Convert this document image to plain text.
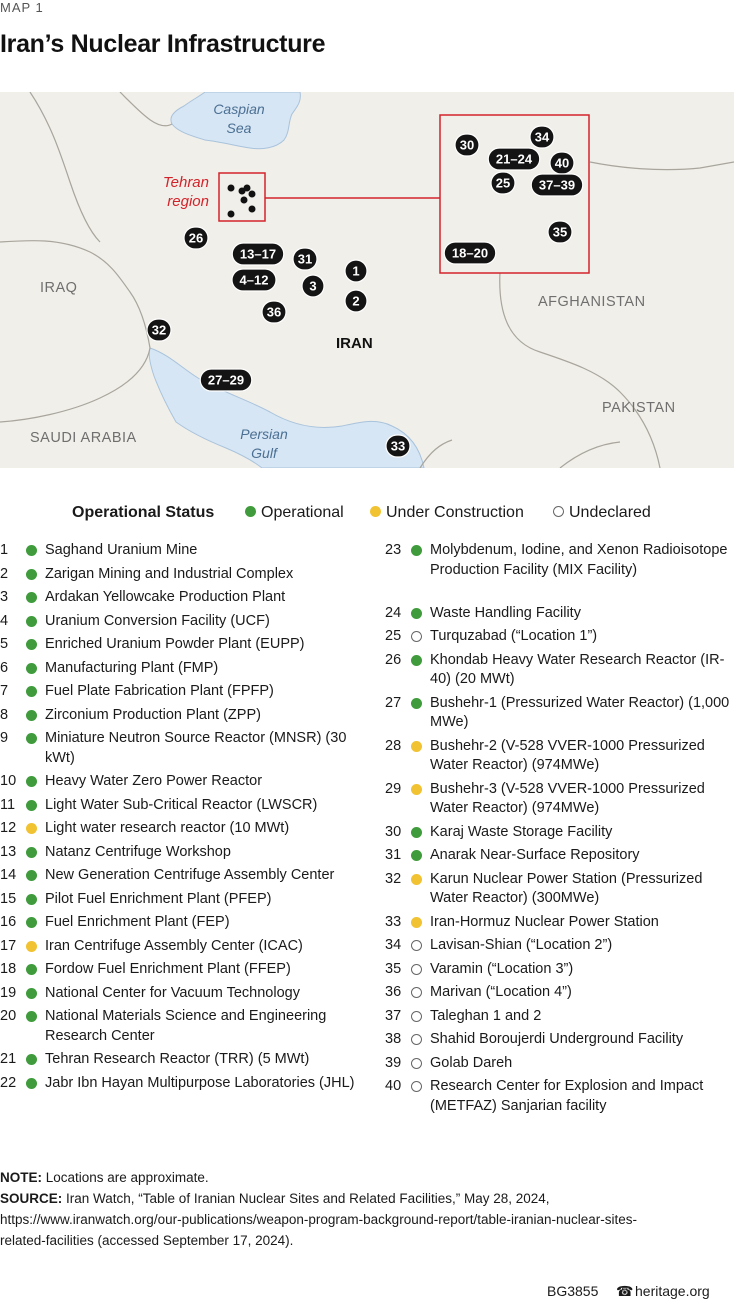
MAP 1
Iran’s Nuclear Infrastructure
IRAQ
AFGHANISTAN
PAKISTAN
SAUDI ARABIA
IRAN
Caspian
Sea
Persian
Gulf
Tehran
region
1
2
3
4–12
13–17
26
27–29
31
32
33
36
30
34
21–24 40
25 37–39
35
18–20
Operational Status	Operational	Under Construction	Undeclared
1	Saghand Uranium Mine
2	Zarigan Mining and Industrial Complex
3	Ardakan Yellowcake Production Plant
4	Uranium Conversion Facility (UCF)
5	Enriched Uranium Powder Plant (EUPP)
6	Manufacturing Plant (FMP)
7	Fuel Plate Fabrication Plant (FPFP)
8	Zirconium Production Plant (ZPP)
9	Miniature Neutron Source Reactor (MNSR) (30 kWt)
10	Heavy Water Zero Power Reactor
11	Light Water Sub-Critical Reactor (LWSCR)
12	Light water research reactor (10 MWt)
13	Natanz Centrifuge Workshop
14	New Generation Centrifuge Assembly Center
15	Pilot Fuel Enrichment Plant (PFEP)
16	Fuel Enrichment Plant (FEP)
17	Iran Centrifuge Assembly Center (ICAC)
18	Fordow Fuel Enrichment Plant (FFEP)
19	National Center for Vacuum Technology
20	National Materials Science and Engineering Research Center
21	Tehran Research Reactor (TRR) (5 MWt)
22	Jabr Ibn Hayan Multipurpose Laboratories (JHL)
23	Molybdenum, Iodine, and Xenon Radioisotope Production Facility (MIX Facility)
24	Waste Handling Facility
25	Turquzabad (“Location 1”)
26	Khondab Heavy Water Research Reactor (IR-40) (20 MWt)
27	Bushehr-1 (Pressurized Water Reactor) (1,000 MWe)
28	Bushehr-2 (V-528 VVER-1000 Pressurized Water Reactor) (974MWe)
29	Bushehr-3 (V-528 VVER-1000 Pressurized Water Reactor) (974MWe)
30	Karaj Waste Storage Facility
31	Anarak Near-Surface Repository
32	Karun Nuclear Power Station (Pressurized Water Reactor) (300MWe)
33	Iran-Hormuz Nuclear Power Station
34	Lavisan-Shian (“Location 2”)
35	Varamin (“Location 3”)
36	Marivan (“Location 4”)
37	Taleghan 1 and 2
38	Shahid Boroujerdi Underground Facility
39	Golab Dareh
40	Research Center for Explosion and Impact (METFAZ) Sanjarian facility
NOTE: Locations are approximate.
SOURCE: Iran Watch, “Table of Iranian Nuclear Sites and Related Facilities,” May 28, 2024,
https://www.iranwatch.org/our-publications/weapon-program-background-report/table-iranian-nuclear-sites-
related-facilities (accessed September 17, 2024).
BG3855 ☎ heritage.org
